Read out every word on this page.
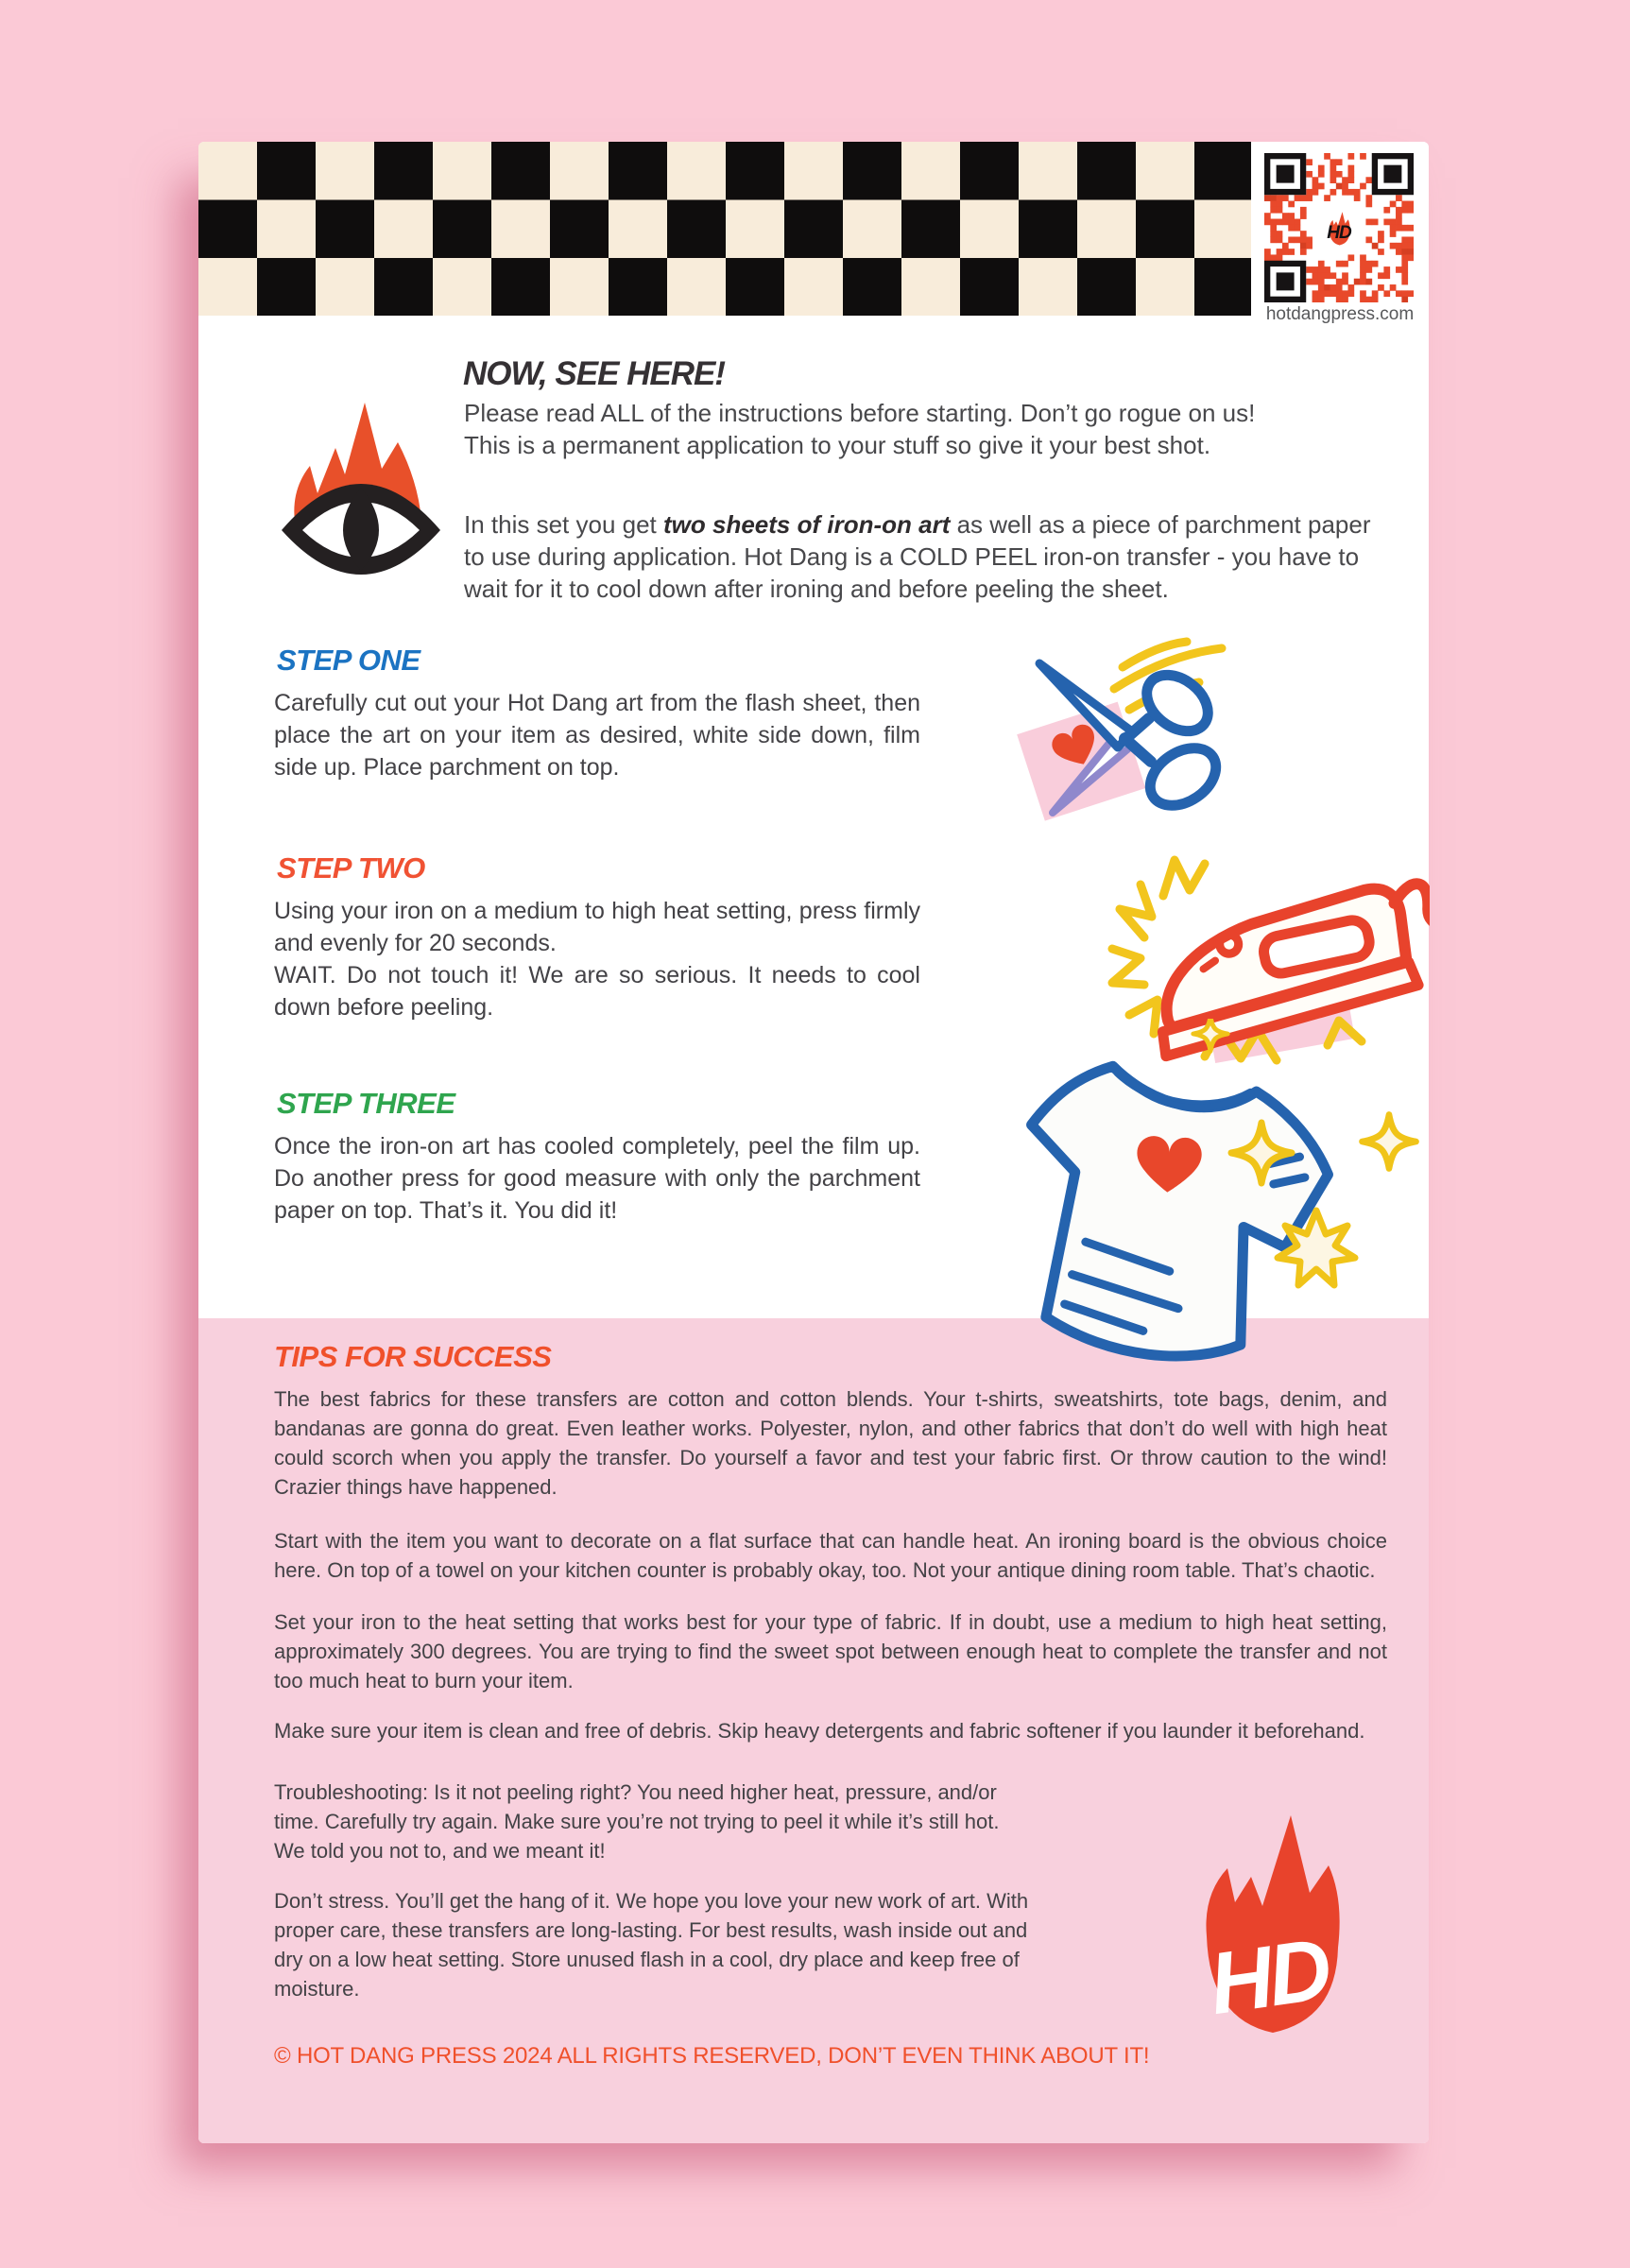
HD
hotdangpress.com
NOW, SEE HERE!
Please read ALL of the instructions before starting. Don’t go rogue on us!
This is a permanent application to your stuff so give it your best shot.
In this set you get two sheets of iron-on art as well as a piece of parchment paper to use during application. Hot Dang is a COLD PEEL iron-on transfer - you have to wait for it to cool down after ironing and before peeling the sheet.
STEP ONE
Carefully cut out your Hot Dang art from the flash sheet, then place the art on your item as desired, white side down, film side up. Place parchment on top.
STEP TWO
Using your iron on a medium to high heat setting, press firmly and evenly for 20 seconds.
WAIT. Do not touch it! We are so serious. It needs to cool down before peeling.
STEP THREE
Once the iron-on art has cooled completely, peel the film up. Do another press for good measure with only the parchment paper on top. That’s it. You did it!
TIPS FOR SUCCESS
The best fabrics for these transfers are cotton and cotton blends. Your t-shirts, sweatshirts, tote bags, denim, and bandanas are gonna do great. Even leather works. Polyester, nylon, and other fabrics that don’t do well with high heat could scorch when you apply the transfer. Do yourself a favor and test your fabric first. Or throw caution to the wind! Crazier things have happened.
Start with the item you want to decorate on a flat surface that can handle heat. An ironing board is the obvious choice here. On top of a towel on your kitchen counter is probably okay, too. Not your antique dining room table. That’s chaotic.
Set your iron to the heat setting that works best for your type of fabric. If in doubt, use a medium to high heat setting, approximately 300 degrees. You are trying to find the sweet spot between enough heat to complete the transfer and not too much heat to burn your item.
Make sure your item is clean and free of debris. Skip heavy detergents and fabric softener if you launder it beforehand.
Troubleshooting: Is it not peeling right? You need higher heat, pressure, and/or time. Carefully try again. Make sure you’re not trying to peel it while it’s still hot. We told you not to, and we meant it!
Don’t stress. You’ll get the hang of it. We hope you love your new work of art. With proper care, these transfers are long-lasting. For best results, wash inside out and dry on a low heat setting. Store unused flash in a cool, dry place and keep free of moisture.	HD
© HOT DANG PRESS 2024 ALL RIGHTS RESERVED, DON’T EVEN THINK ABOUT IT!
